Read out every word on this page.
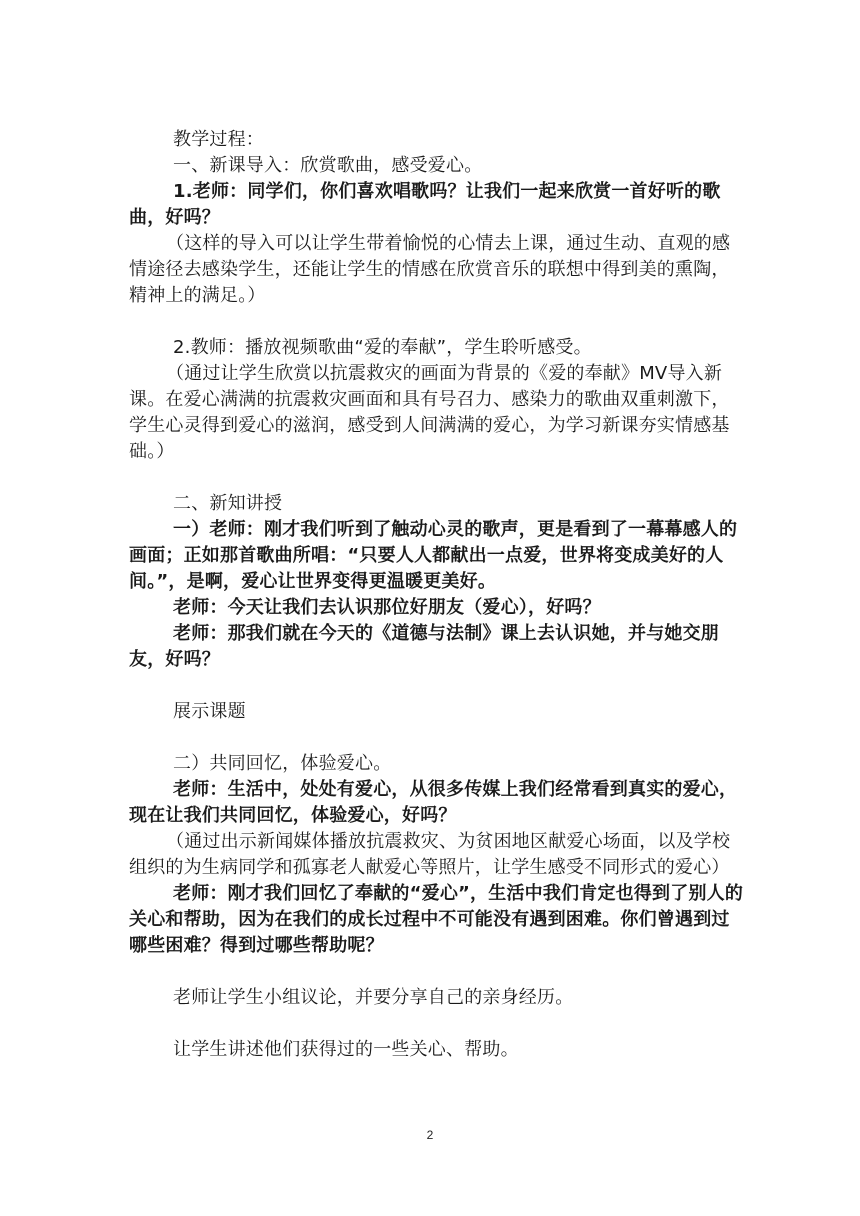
教学过程：

一、新课导入：欣赏歌曲，感受爱心。

1.老师：同学们，你们喜欢唱歌吗？让我们一起来欣赏一首好听的歌曲，好吗？

（这样的导入可以让学生带着愉悦的心情去上课，通过生动、直观的感情途径去感染学生，还能让学生的情感在欣赏音乐的联想中得到美的熏陶，精神上的满足。）

2.教师：播放视频歌曲“爱的奉献”，学生聆听感受。

（通过让学生欣赏以抗震救灾的画面为背景的《爱的奉献》MV导入新课。在爱心满满的抗震救灾画面和具有号召力、感染力的歌曲双重刺激下，学生心灵得到爱心的滋润，感受到人间满满的爱心，为学习新课夯实情感基础。）

二、新知讲授

一）老师：刚才我们听到了触动心灵的歌声，更是看到了一幕幕感人的画面；正如那首歌曲所唱：“只要人人都献出一点爱，世界将变成美好的人间。”，是啊，爱心让世界变得更温暖更美好。

老师：今天让我们去认识那位好朋友（爱心），好吗？

老师：那我们就在今天的《道德与法制》课上去认识她，并与她交朋友，好吗？

展示课题

二）共同回忆，体验爱心。

老师：生活中，处处有爱心，从很多传媒上我们经常看到真实的爱心，现在让我们共同回忆，体验爱心，好吗？

（通过出示新闻媒体播放抗震救灾、为贫困地区献爱心场面，以及学校组织的为生病同学和孤寡老人献爱心等照片，让学生感受不同形式的爱心）

老师：刚才我们回忆了奉献的“爱心”，生活中我们肯定也得到了别人的关心和帮助，因为在我们的成长过程中不可能没有遇到困难。你们曾遇到过哪些困难？得到过哪些帮助呢？

老师让学生小组议论，并要分享自己的亲身经历。

让学生讲述他们获得过的一些关心、帮助。

2
